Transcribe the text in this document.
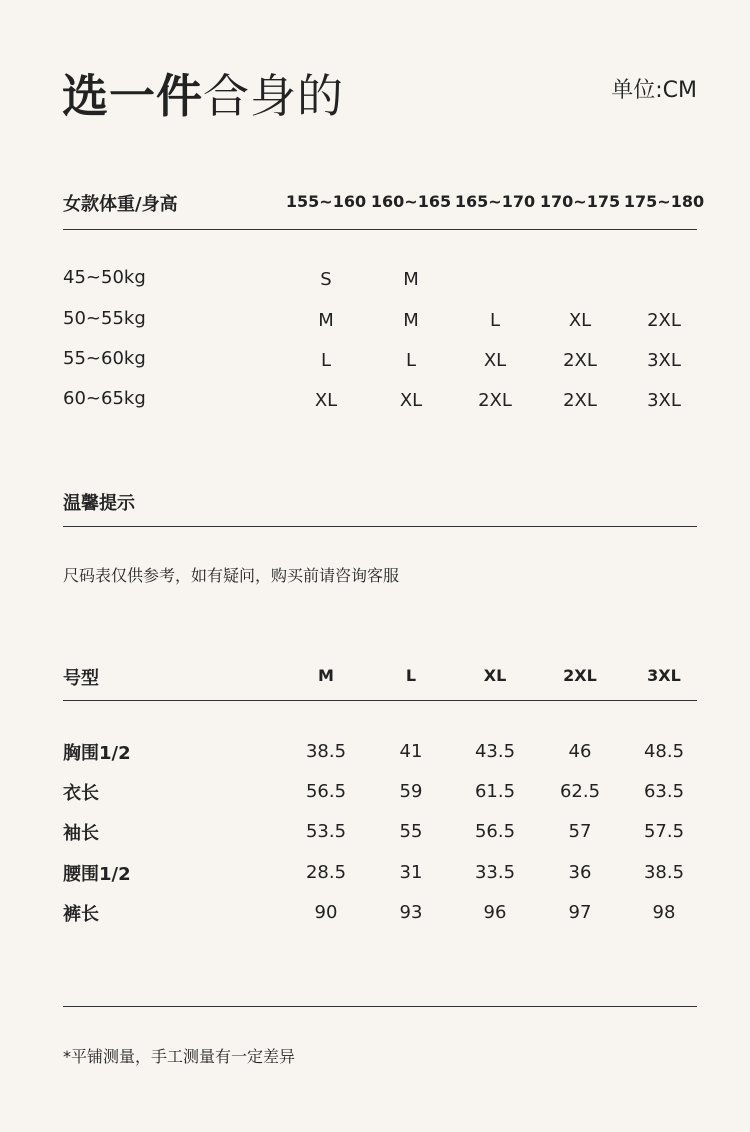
选一件合身的	单位:CM
女款体重/身高	155~160 160~165 165~170 170~175 175~180
45~50kg	S	M
50~55kg	M	M	L	XL	2XL
55~60kg	L	L	XL	2XL	3XL
60~65kg	XL	XL	2XL	2XL	3XL
温馨提示
尺码表仅供参考，如有疑问，购买前请咨询客服
号型	M	L	XL	2XL	3XL
胸围1/2	38.5	41	43.5	46	48.5
衣长	56.5	59	61.5	62.5	63.5
袖长	53.5	55	56.5	57	57.5
腰围1/2	28.5	31	33.5	36	38.5
裤长	90	93	96	97	98
*平铺测量，手工测量有一定差异
